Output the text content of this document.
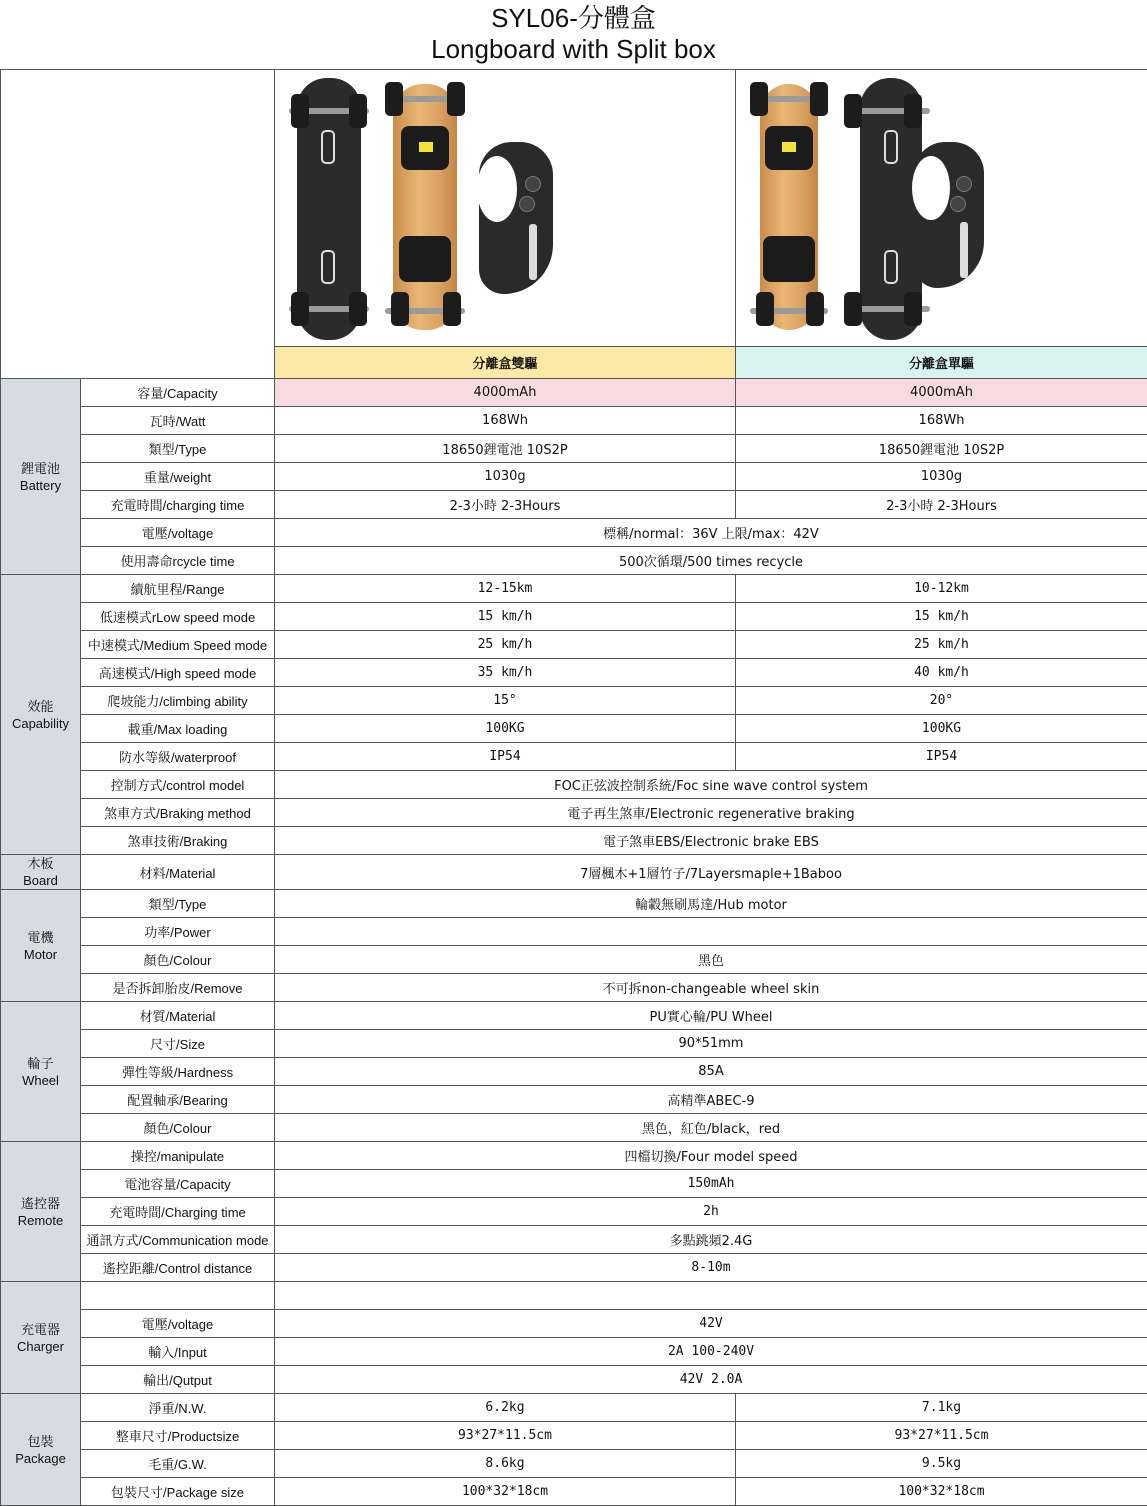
SYL06-分體盒
Longboard with Split box

		分離盒雙驅	分離盒單驅
鋰電池
Battery	容量/Capacity	4000mAh	4000mAh
	瓦時/Watt	168Wh	168Wh
	類型/Type	18650鋰電池 10S2P	18650鋰電池 10S2P
	重量/weight	1030g	1030g
	充電時間/charging time	2-3小時 2-3Hours	2-3小時 2-3Hours
	電壓/voltage	標稱/normal：36V 上限/max：42V	
	使用壽命rcycle time	500次循環/500 times recycle	
效能
Capability	續航里程/Range	12-15km	10-12km
	低速模式rLow speed mode	15 km/h	15 km/h
	中速模式/Medium Speed mode	25 km/h	25 km/h
	高速模式/High speed mode	35 km/h	40 km/h
	爬坡能力/climbing ability	15°	20°
	載重/Max loading	100KG	100KG
	防水等級/waterproof	IP54	IP54
	控制方式/control model	FOC正弦波控制系統/Foc sine wave control system	
	煞車方式/Braking method	電子再生煞車/Electronic regenerative braking	
	煞車技術/Braking	電子煞車EBS/Electronic brake EBS	
木板
Board	材料/Material	7層楓木+1層竹子/7Layersmaple+1Baboo	
電機
Motor	類型/Type	輪轂無刷馬達/Hub motor	
	功率/Power		
	顏色/Colour	黑色	
	是否拆卸胎皮/Remove	不可拆non-changeable wheel skin	
輪子
Wheel	材質/Material	PU實心輪/PU Wheel	
	尺寸/Size	90*51mm	
	彈性等級/Hardness	85A	
	配置軸承/Bearing	高精準ABEC-9	
	顏色/Colour	黑色，紅色/black，red	
遙控器
Remote	操控/manipulate	四檔切換/Four model speed	
	電池容量/Capacity	150mAh	
	充電時間/Charging time	2h	
	通訊方式/Communication mode	多點跳頻2.4G	
	遙控距離/Control distance	8-10m	
充電器
Charger			
	電壓/voltage	42V	
	輸入/Input	2A 100-240V	
	輸出/Qutput	42V 2.0A	
包裝
Package	淨重/N.W.	6.2kg	7.1kg
	整車尺寸/Productsize	93*27*11.5cm	93*27*11.5cm
	毛重/G.W.	8.6kg	9.5kg
	包裝尺寸/Package size	100*32*18cm	100*32*18cm
